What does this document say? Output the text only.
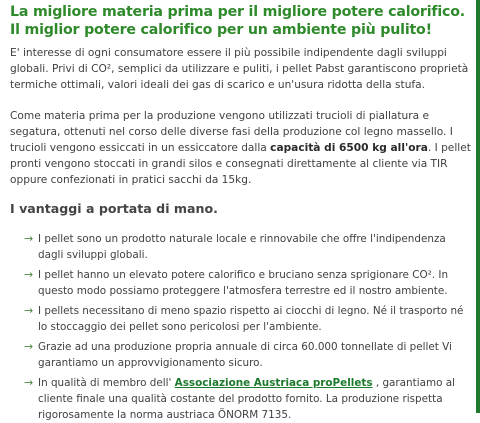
La migliore materia prima per il migliore potere calorifico. Il miglior potere calorifico per un ambiente più pulito!

E' interesse di ogni consumatore essere il più possibile indipendente dagli sviluppi globali. Privi di CO², semplici da utilizzare e puliti, i pellet Pabst garantiscono proprietà termiche ottimali, valori ideali dei gas di scarico e un'usura ridotta della stufa.

Come materia prima per la produzione vengono utilizzati trucioli di piallatura e segatura, ottenuti nel corso delle diverse fasi della produzione col legno massello. I trucioli vengono essiccati in un essiccatore dalla capacità di 6500 kg all'ora. I pellet pronti vengono stoccati in grandi silos e consegnati direttamente al cliente via TIR oppure confezionati in pratici sacchi da 15kg.

I vantaggi a portata di mano.
→ I pellet sono un prodotto naturale locale e rinnovabile che offre l'indipendenza dagli sviluppi globali.
→ I pellet hanno un elevato potere calorifico e bruciano senza sprigionare CO². In questo modo possiamo proteggere l'atmosfera terrestre ed il nostro ambiente.
→ I pellets necessitano di meno spazio rispetto ai ciocchi di legno. Né il trasporto né lo stoccaggio dei pellet sono pericolosi per l'ambiente.
→ Grazie ad una produzione propria annuale di circa 60.000 tonnellate di pellet Vi garantiamo un approvvigionamento sicuro.
→ In qualità di membro dell' Associazione Austriaca proPellets , garantiamo al cliente finale una qualità costante del prodotto fornito. La produzione rispetta rigorosamente la norma austriaca ÖNORM 7135.
